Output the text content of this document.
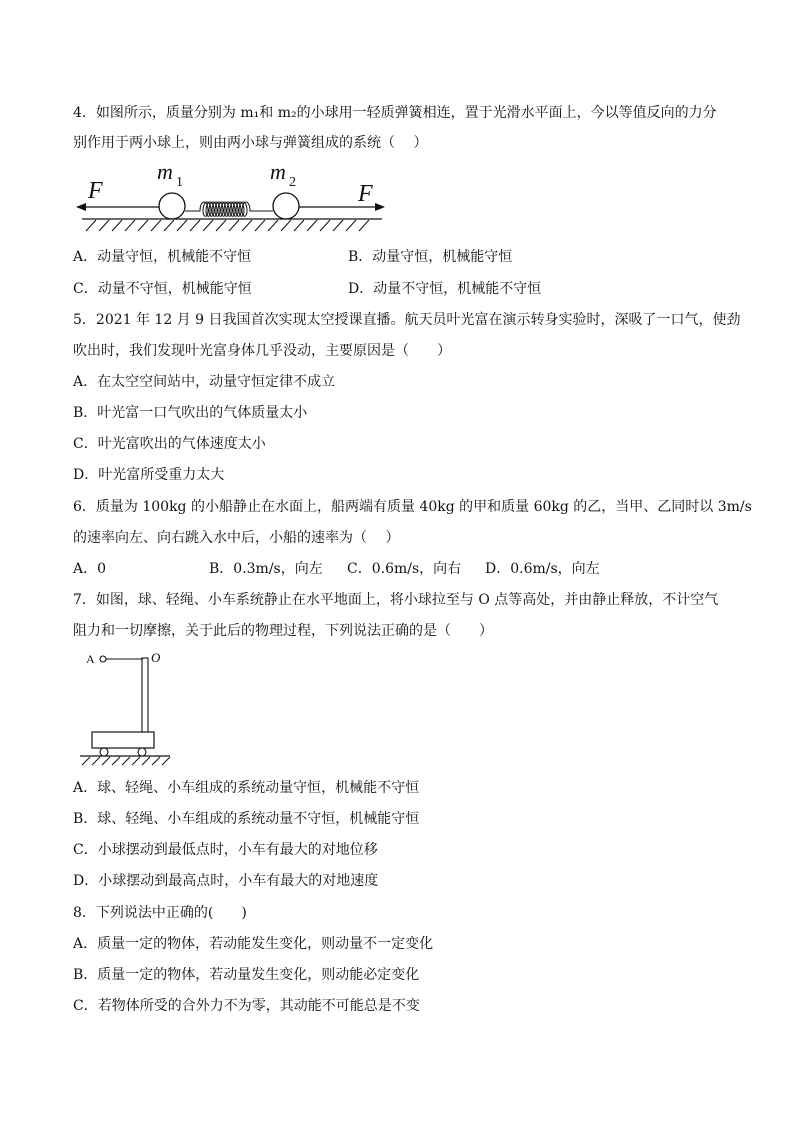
4．如图所示，质量分别为 m₁和 m₂的小球用一轻质弹簧相连，置于光滑水平面上，今以等值反向的力分
别作用于两小球上，则由两小球与弹簧组成的系统（　 ）
F	F
m 1	m 2
A．动量守恒，机械能不守恒	B．动量守恒，机械能守恒
C．动量不守恒，机械能守恒	D．动量不守恒，机械能不守恒
5．2021 年 12 月 9 日我国首次实现太空授课直播。航天员叶光富在演示转身实验时，深吸了一口气，使劲
吹出时，我们发现叶光富身体几乎没动，主要原因是（　　）
A．在太空空间站中，动量守恒定律不成立
B．叶光富一口气吹出的气体质量太小
C．叶光富吹出的气体速度太小
D．叶光富所受重力太大
6．质量为 100kg 的小船静止在水面上，船两端有质量 40kg 的甲和质量 60kg 的乙，当甲、乙同时以 3m/s
的速率向左、向右跳入水中后，小船的速率为（　 ）
A．0	B．0.3m/s，向左 C．0.6m/s，向右 D．0.6m/s，向左
7．如图，球、轻绳、小车系统静止在水平地面上，将小球拉至与 O 点等高处，并由静止释放，不计空气
阻力和一切摩擦，关于此后的物理过程，下列说法正确的是（　　）
A	O
A．球、轻绳、小车组成的系统动量守恒，机械能不守恒
B．球、轻绳、小车组成的系统动量不守恒，机械能守恒
C．小球摆动到最低点时，小车有最大的对地位移
D．小球摆动到最高点时，小车有最大的对地速度
8．下列说法中正确的(　　)
A．质量一定的物体，若动能发生变化，则动量不一定变化
B．质量一定的物体，若动量发生变化，则动能必定变化
C．若物体所受的合外力不为零，其动能不可能总是不变
